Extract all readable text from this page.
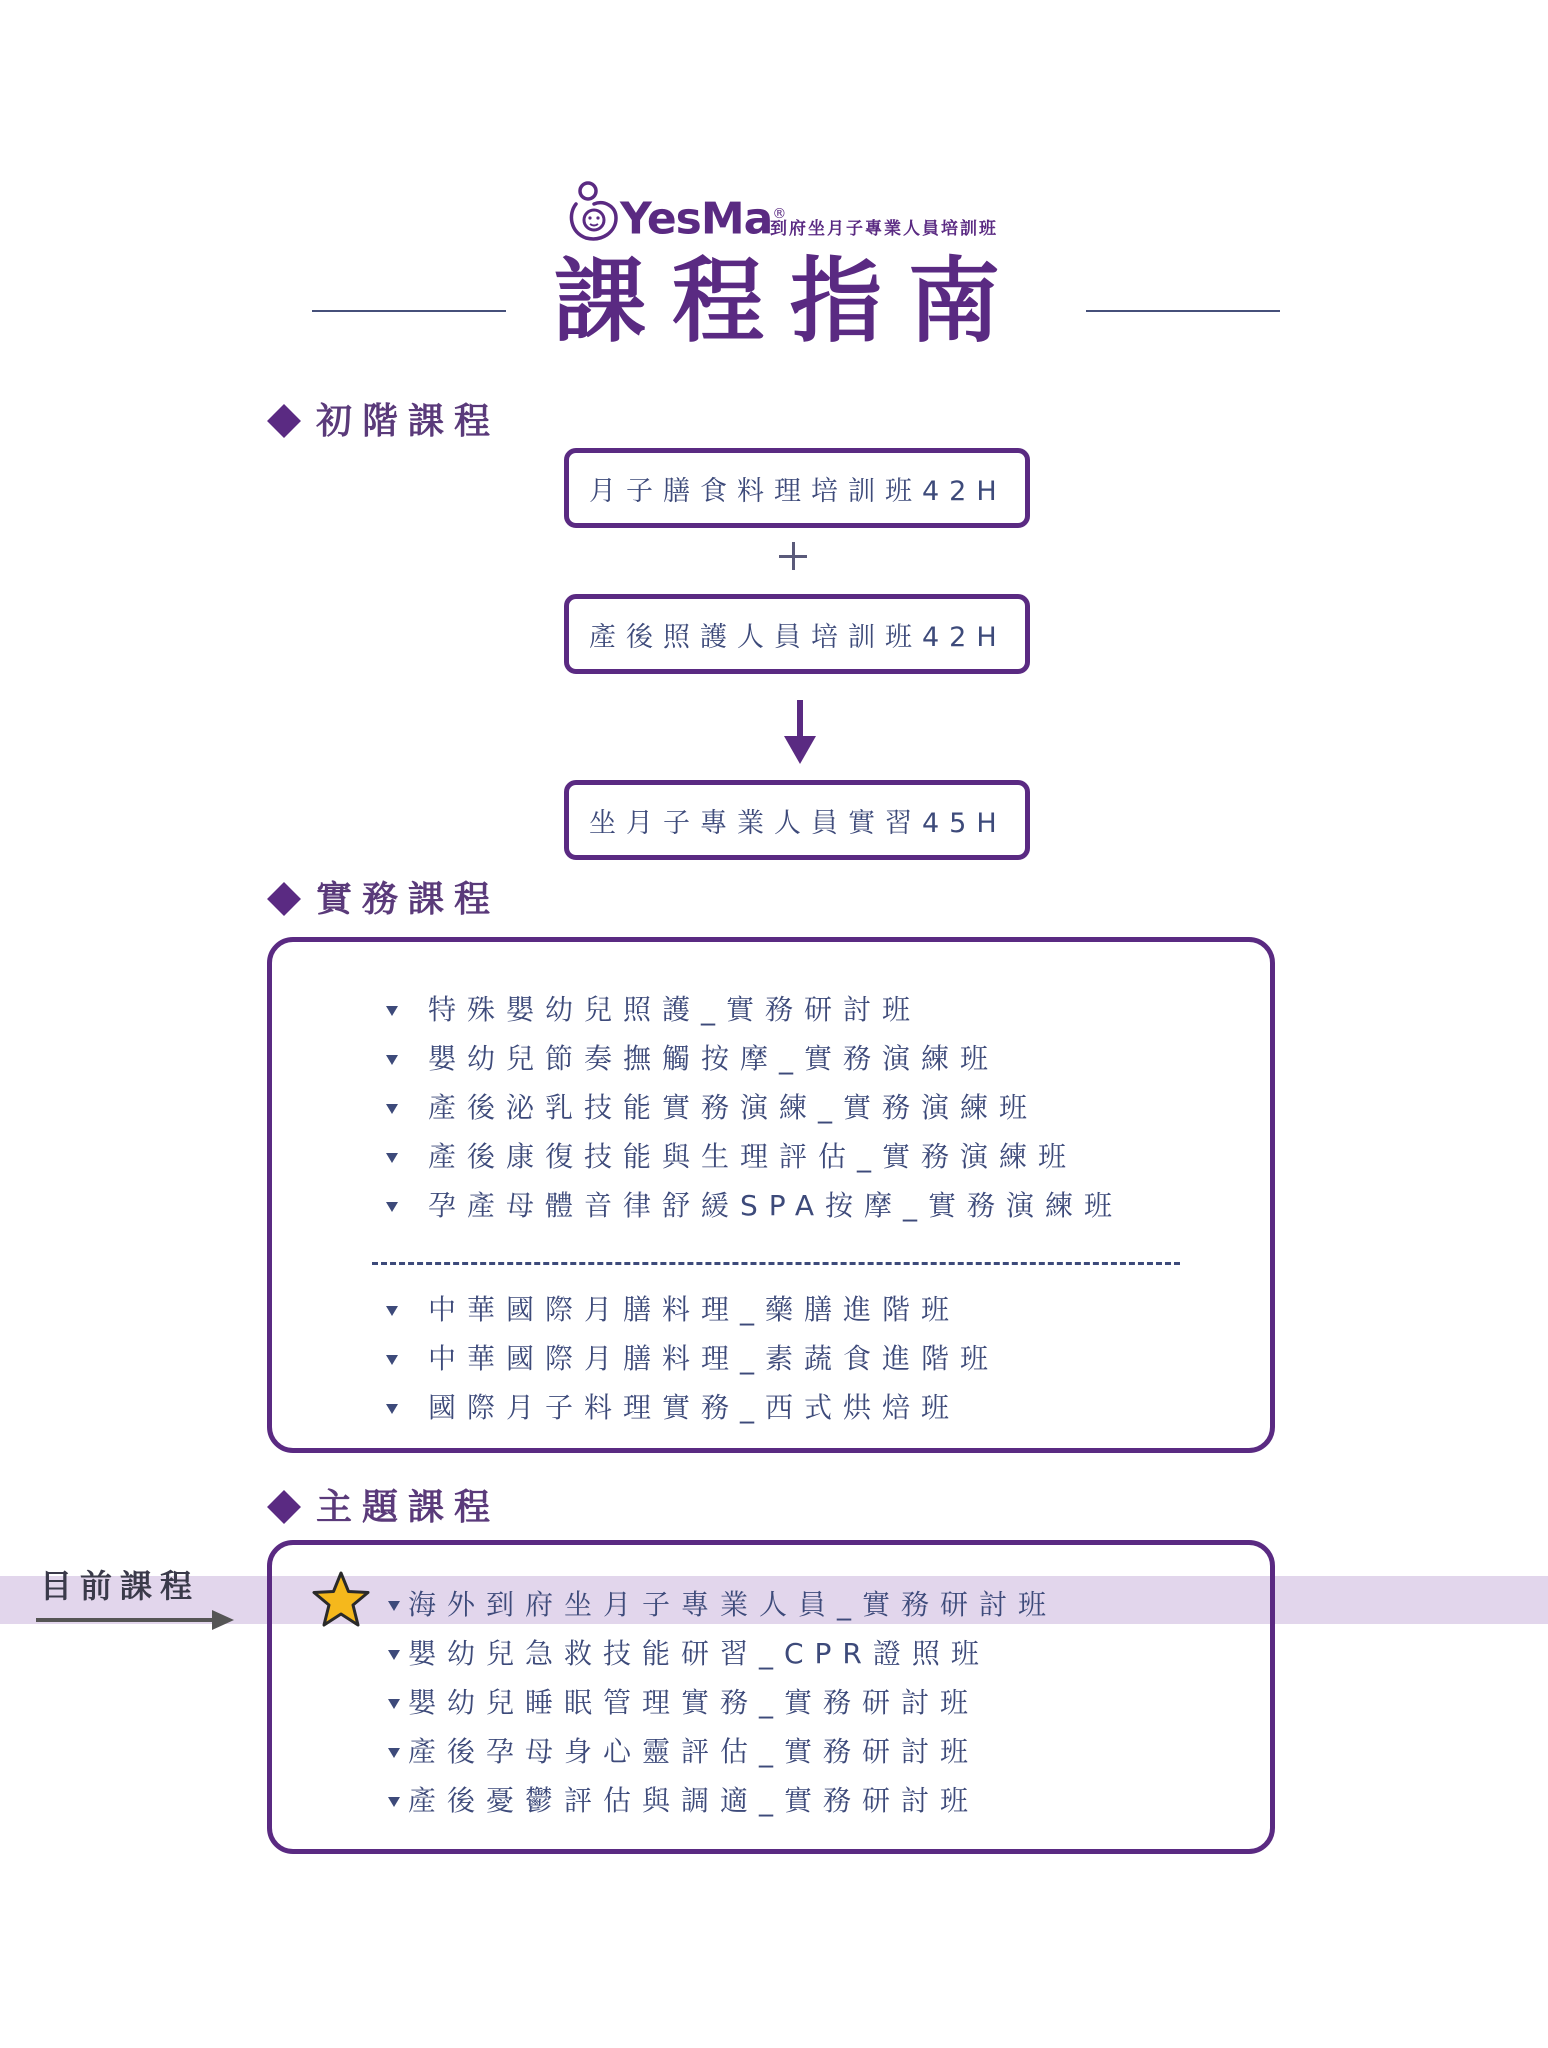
YesMa®
到府坐月子專業人員培訓班
課程指南
初階課程
月子膳食料理培訓班42H
產後照護人員培訓班42H
坐月子專業人員實習45H
實務課程
特殊嬰幼兒照護_實務研討班
嬰幼兒節奏撫觸按摩_實務演練班
產後泌乳技能實務演練_實務演練班
產後康復技能與生理評估_實務演練班
孕產母體音律舒緩SPA按摩_實務演練班
中華國際月膳料理_藥膳進階班
中華國際月膳料理_素蔬食進階班
國際月子料理實務_西式烘焙班
主題課程
目前課程	海外到府坐月子專業人員_實務研討班
嬰幼兒急救技能研習_CPR證照班
嬰幼兒睡眠管理實務_實務研討班
產後孕母身心靈評估_實務研討班
產後憂鬱評估與調適_實務研討班
